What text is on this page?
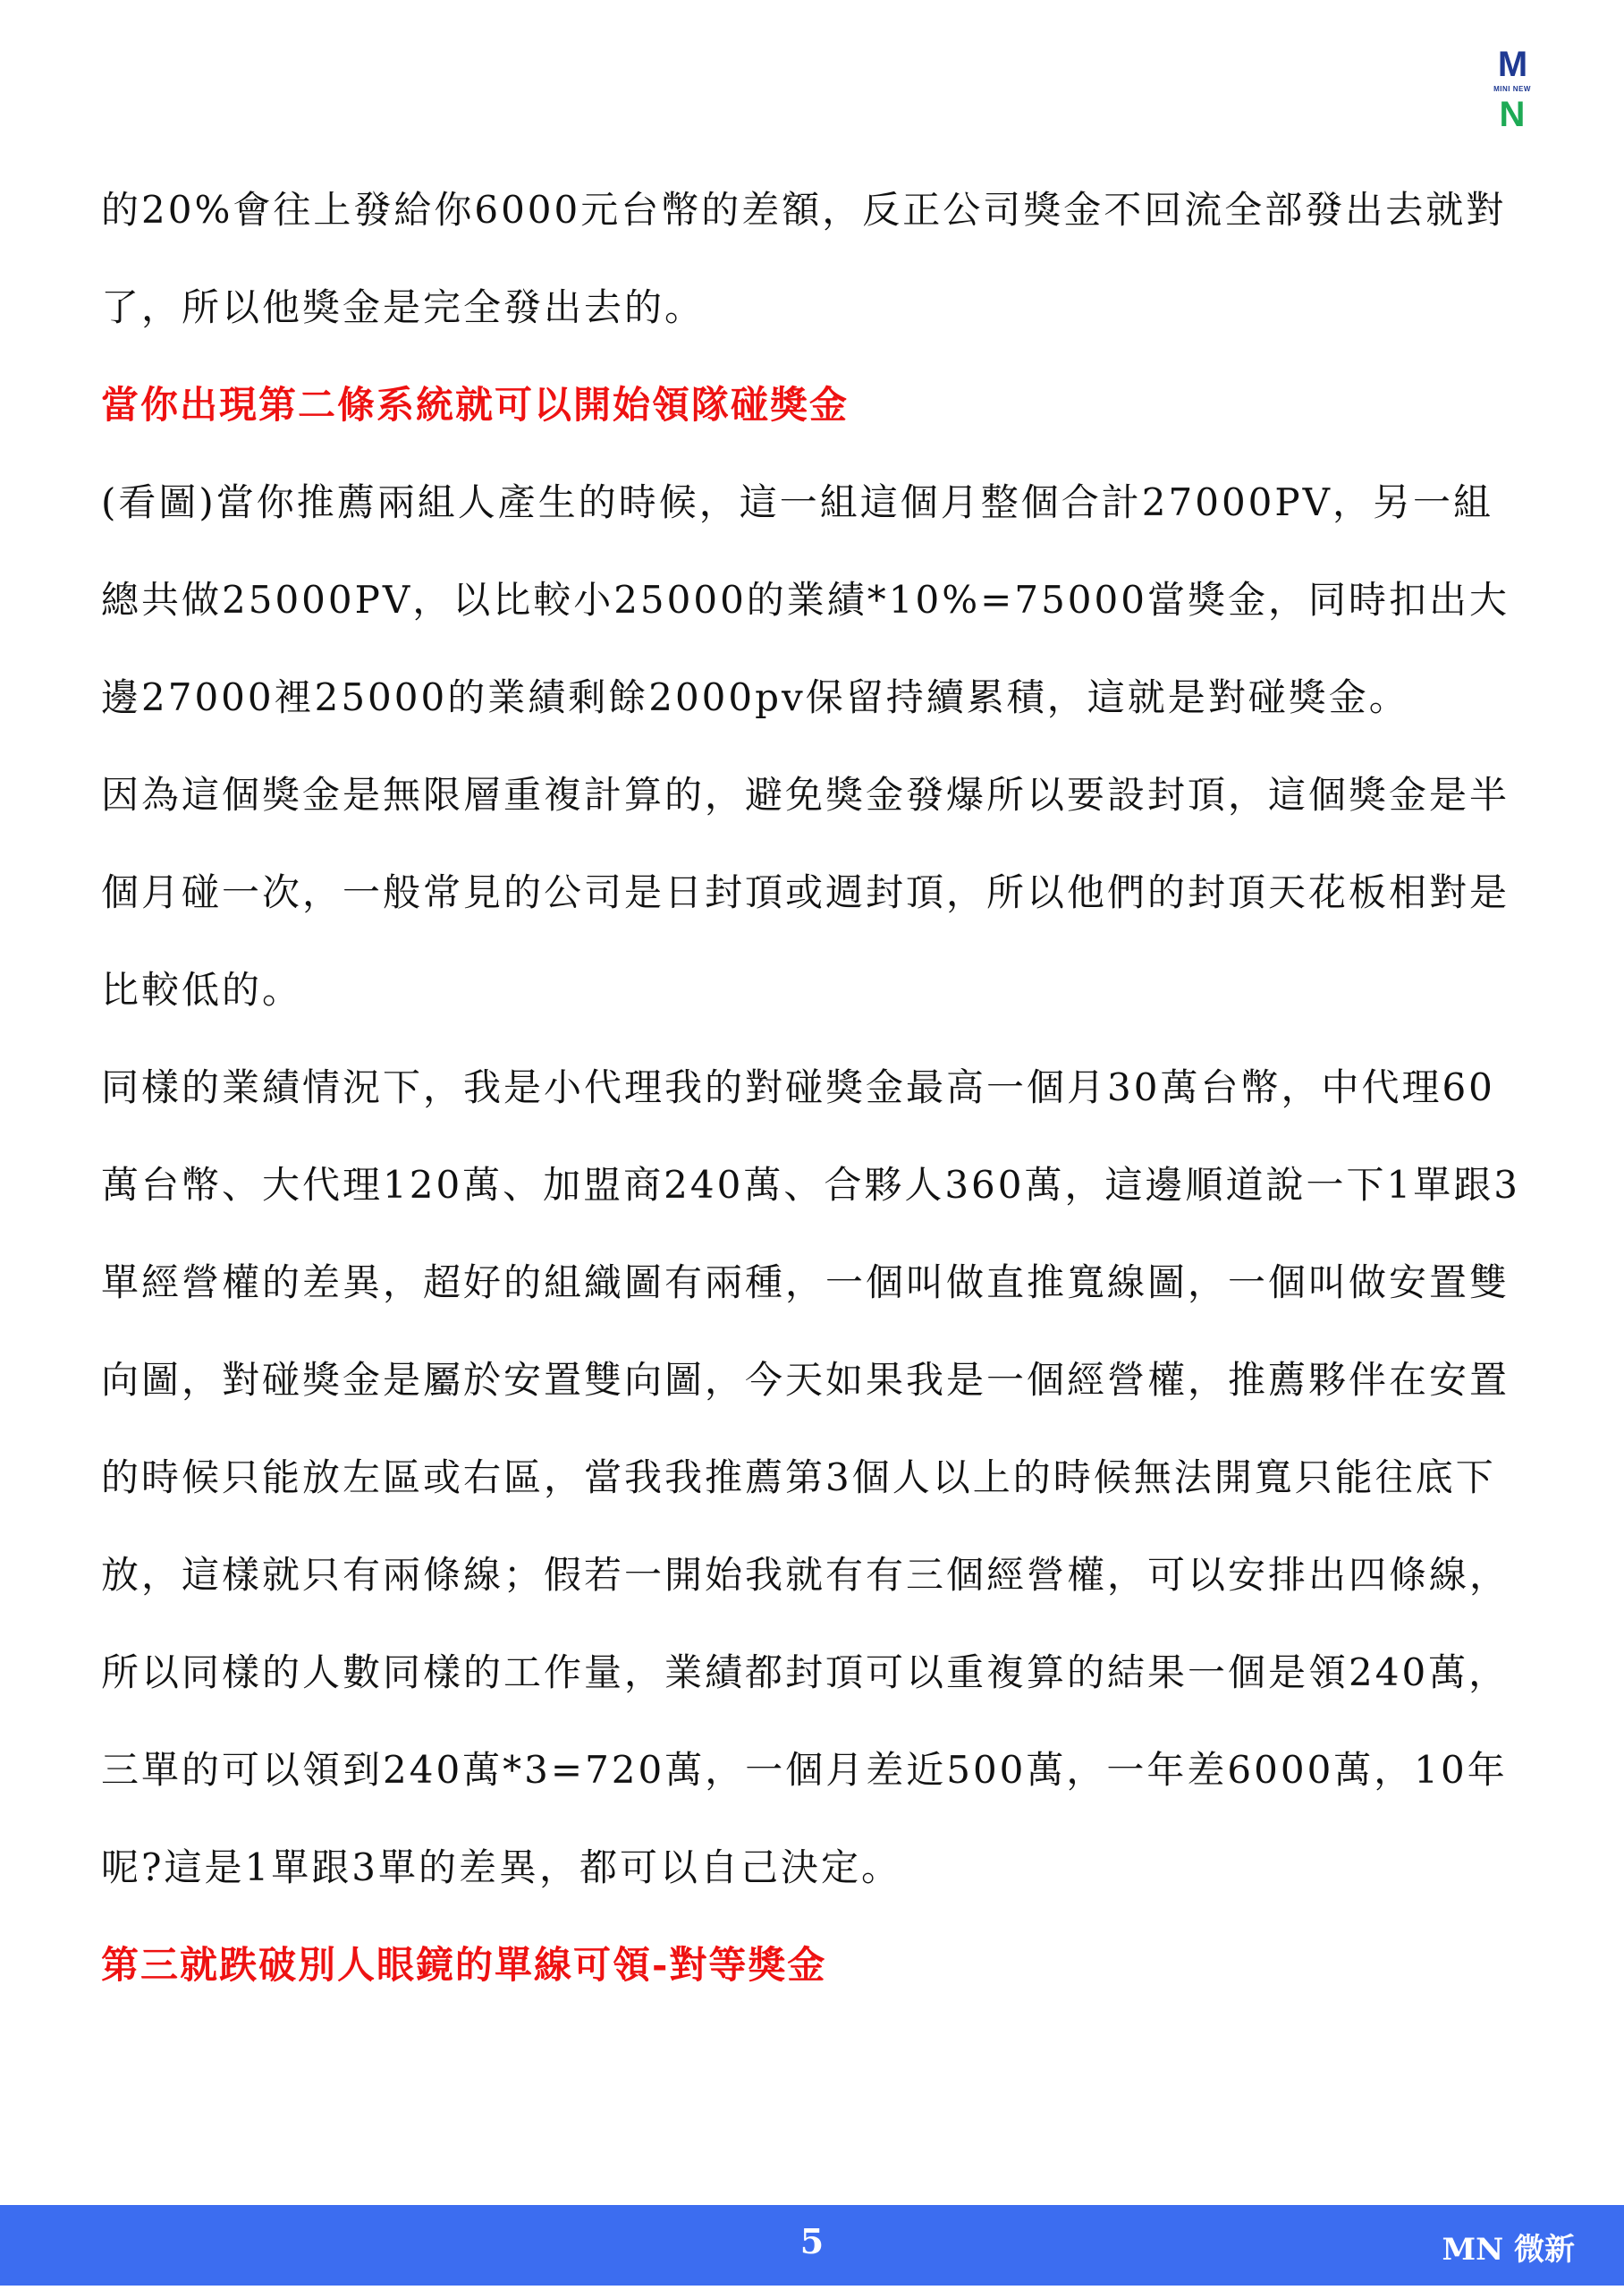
M
MINI NEW
N

的20%會往上發給你6000元台幣的差額，反正公司獎金不回流全部發出去就對了，所以他獎金是完全發出去的。

當你出現第二條系統就可以開始領隊碰獎金

(看圖)當你推薦兩組人產生的時候，這一組這個月整個合計27000PV，另一組總共做25000PV，以比較小25000的業績*10%=75000當獎金，同時扣出大邊27000裡25000的業績剩餘2000pv保留持續累積，這就是對碰獎金。

因為這個獎金是無限層重複計算的，避免獎金發爆所以要設封頂，這個獎金是半個月碰一次，一般常見的公司是日封頂或週封頂，所以他們的封頂天花板相對是比較低的。

同樣的業績情況下，我是小代理我的對碰獎金最高一個月30萬台幣，中代理60萬台幣、大代理120萬、加盟商240萬、合夥人360萬，這邊順道說一下1單跟3單經營權的差異，超好的組織圖有兩種，一個叫做直推寬線圖，一個叫做安置雙向圖，對碰獎金是屬於安置雙向圖，今天如果我是一個經營權，推薦夥伴在安置的時候只能放左區或右區，當我我推薦第3個人以上的時候無法開寬只能往底下放，這樣就只有兩條線；假若一開始我就有有三個經營權，可以安排出四條線，所以同樣的人數同樣的工作量，業績都封頂可以重複算的結果一個是領240萬，三單的可以領到240萬*3=720萬，一個月差近500萬，一年差6000萬，10年呢?這是1單跟3單的差異，都可以自己決定。

第三就跌破別人眼鏡的單線可領-對等獎金

5	MN 微新
